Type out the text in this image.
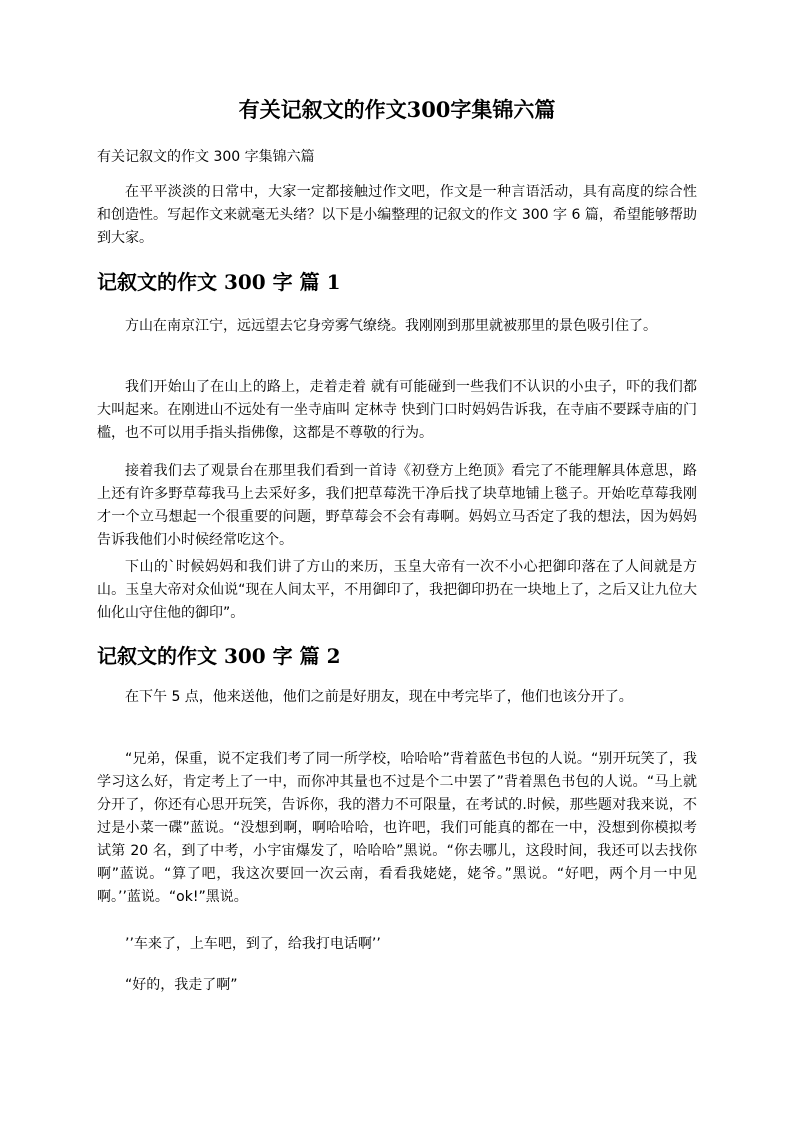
有关记叙文的作文300字集锦六篇

有关记叙文的作文 300 字集锦六篇

在平平淡淡的日常中，大家一定都接触过作文吧，作文是一种言语活动，具有高度的综合性和创造性。写起作文来就毫无头绪？以下是小编整理的记叙文的作文 300 字 6 篇，希望能够帮助到大家。

记叙文的作文 300 字 篇 1

方山在南京江宁，远远望去它身旁雾气缭绕。我刚刚到那里就被那里的景色吸引住了。

我们开始山了在山上的路上，走着走着 就有可能碰到一些我们不认识的小虫子，吓的我们都大叫起来。在刚进山不远处有一坐寺庙叫 定林寺 快到门口时妈妈告诉我，在寺庙不要踩寺庙的门槛，也不可以用手指头指佛像，这都是不尊敬的行为。

接着我们去了观景台在那里我们看到一首诗《初登方上绝顶》看完了不能理解具体意思，路上还有许多野草莓我马上去采好多，我们把草莓洗干净后找了块草地铺上毯子。开始吃草莓我刚才一个立马想起一个很重要的问题，野草莓会不会有毒啊。妈妈立马否定了我的想法，因为妈妈告诉我他们小时候经常吃这个。

下山的`时候妈妈和我们讲了方山的来历，玉皇大帝有一次不小心把御印落在了人间就是方山。玉皇大帝对众仙说“现在人间太平，不用御印了，我把御印扔在一块地上了，之后又让九位大仙化山守住他的御印”。

记叙文的作文 300 字 篇 2

在下午 5 点，他来送他，他们之前是好朋友，现在中考完毕了，他们也该分开了。

“兄弟，保重，说不定我们考了同一所学校，哈哈哈”背着蓝色书包的人说。“别开玩笑了，我学习这么好，肯定考上了一中，而你冲其量也不过是个二中罢了”背着黑色书包的人说。“马上就分开了，你还有心思开玩笑，告诉你，我的潜力不可限量，在考试的.时候，那些题对我来说，不过是小菜一碟”蓝说。“没想到啊，啊哈哈哈，也许吧，我们可能真的都在一中，没想到你模拟考试第 20 名，到了中考，小宇宙爆发了，哈哈哈”黑说。“你去哪儿，这段时间，我还可以去找你啊”蓝说。“算了吧，我这次要回一次云南，看看我姥姥，姥爷。”黑说。“好吧，两个月一中见啊。’’蓝说。“ok!”黑说。

’’车来了，上车吧，到了，给我打电话啊’’

“好的，我走了啊”
